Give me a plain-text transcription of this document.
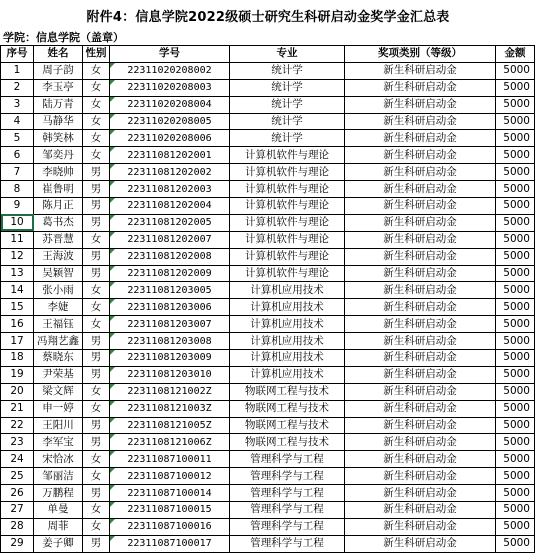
附件4：信息学院2022级硕士研究生科研启动金奖学金汇总表
学院：信息学院（盖章）
序号	姓名	性别	学号	专业	奖项类别（等级）	金额
1	周子韵	女	22311020208002	统计学	新生科研启动金	5000
2	李玉亭	女	22311020208003	统计学	新生科研启动金	5000
3	陆万青	女	22311020208004	统计学	新生科研启动金	5000
4	马静华	女	22311020208005	统计学	新生科研启动金	5000
5	韩笑林	女	22311020208006	统计学	新生科研启动金	5000
6	邹奕丹	女	22311081202001	计算机软件与理论	新生科研启动金	5000
7	李晓帅	男	22311081202002	计算机软件与理论	新生科研启动金	5000
8	崔鲁明	男	22311081202003	计算机软件与理论	新生科研启动金	5000
9	陈月正	男	22311081202004	计算机软件与理论	新生科研启动金	5000
10	葛书杰	男	22311081202005	计算机软件与理论	新生科研启动金	5000
11	苏晋慧	女	22311081202007	计算机软件与理论	新生科研启动金	5000
12	王海波	男	22311081202008	计算机软件与理论	新生科研启动金	5000
13	吴颖智	男	22311081202009	计算机软件与理论	新生科研启动金	5000
14	张小雨	女	22311081203005	计算机应用技术	新生科研启动金	5000
15	李婕	女	22311081203006	计算机应用技术	新生科研启动金	5000
16	王福钰	女	22311081203007	计算机应用技术	新生科研启动金	5000
17	冯翔艺鑫	男	22311081203008	计算机应用技术	新生科研启动金	5000
18	蔡晓东	男	22311081203009	计算机应用技术	新生科研启动金	5000
19	尹荣基	男	22311081203010	计算机应用技术	新生科研启动金	5000
20	梁文辉	女	2231108121002Z	物联网工程与技术	新生科研启动金	5000
21	申一婷	女	2231108121003Z	物联网工程与技术	新生科研启动金	5000
22	王阳川	男	2231108121005Z	物联网工程与技术	新生科研启动金	5000
23	李军宝	男	2231108121006Z	物联网工程与技术	新生科研启动金	5000
24	宋恰冰	女	22311087100011	管理科学与工程	新生科研启动金	5000
25	邹丽洁	女	22311087100012	管理科学与工程	新生科研启动金	5000
26	万鹏程	男	22311087100014	管理科学与工程	新生科研启动金	5000
27	单曼	女	22311087100015	管理科学与工程	新生科研启动金	5000
28	周菲	女	22311087100016	管理科学与工程	新生科研启动金	5000
29	姜子卿	男	22311087100017	管理科学与工程	新生科研启动金	5000
